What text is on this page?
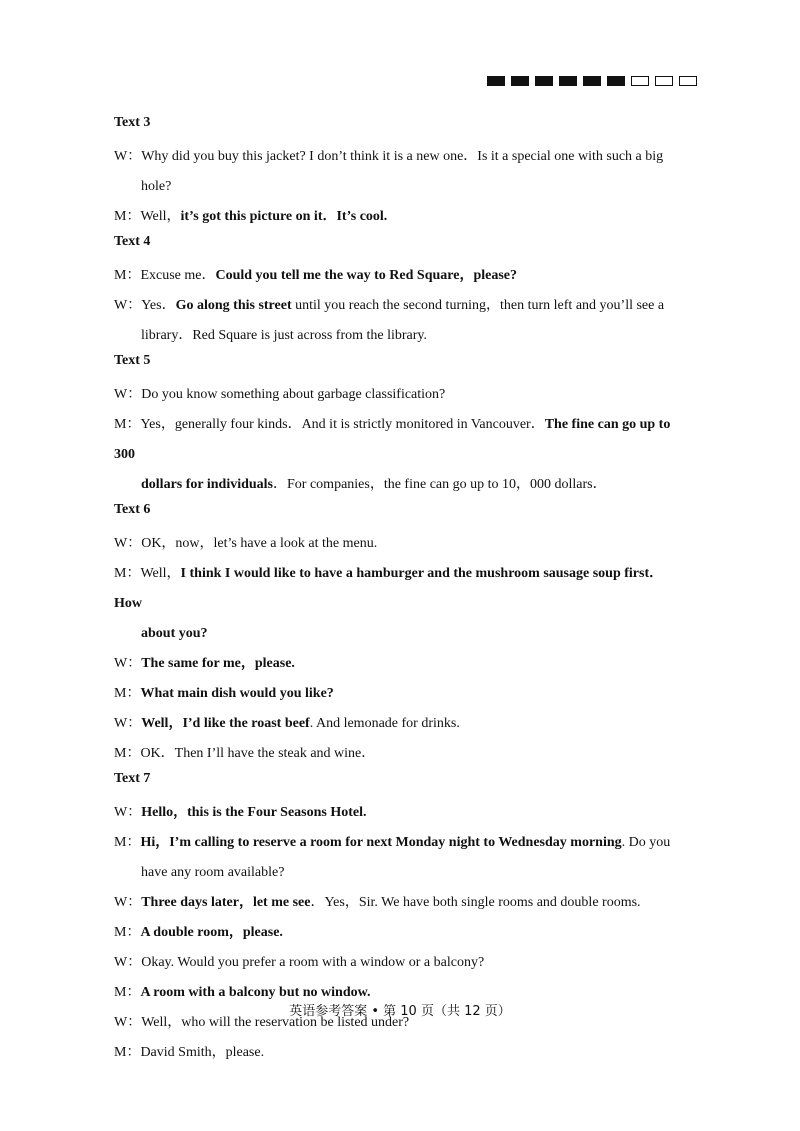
Text 3
W：Why did you buy this jacket? I don’t think it is a new one．Is it a special one with such a big
hole?
M：Well，it’s got this picture on it．It’s cool.
Text 4
M：Excuse me．Could you tell me the way to Red Square，please?
W：Yes．Go along this street until you reach the second turning，then turn left and you’ll see a
library．Red Square is just across from the library.
Text 5
W：Do you know something about garbage classification?
M：Yes，generally four kinds．And it is strictly monitored in Vancouver．The fine can go up to 300
dollars for individuals．For companies，the fine can go up to 10，000 dollars．
Text 6
W：OK，now，let’s have a look at the menu.
M：Well，I think I would like to have a hamburger and the mushroom sausage soup first．How
about you?
W：The same for me，please.
M：What main dish would you like?
W：Well，I’d like the roast beef. And lemonade for drinks.
M：OK．Then I’ll have the steak and wine．
Text 7
W：Hello，this is the Four Seasons Hotel.
M：Hi，I’m calling to reserve a room for next Monday night to Wednesday morning. Do you
have any room available?
W：Three days later，let me see．Yes，Sir. We have both single rooms and double rooms.
M：A double room，please.
W：Okay. Would you prefer a room with a window or a balcony?
M：A room with a balcony but no window.
W：Well，who will the reservation be listed under?
M：David Smith，please.
英语参考答案 • 第 10 页（共 12 页）
